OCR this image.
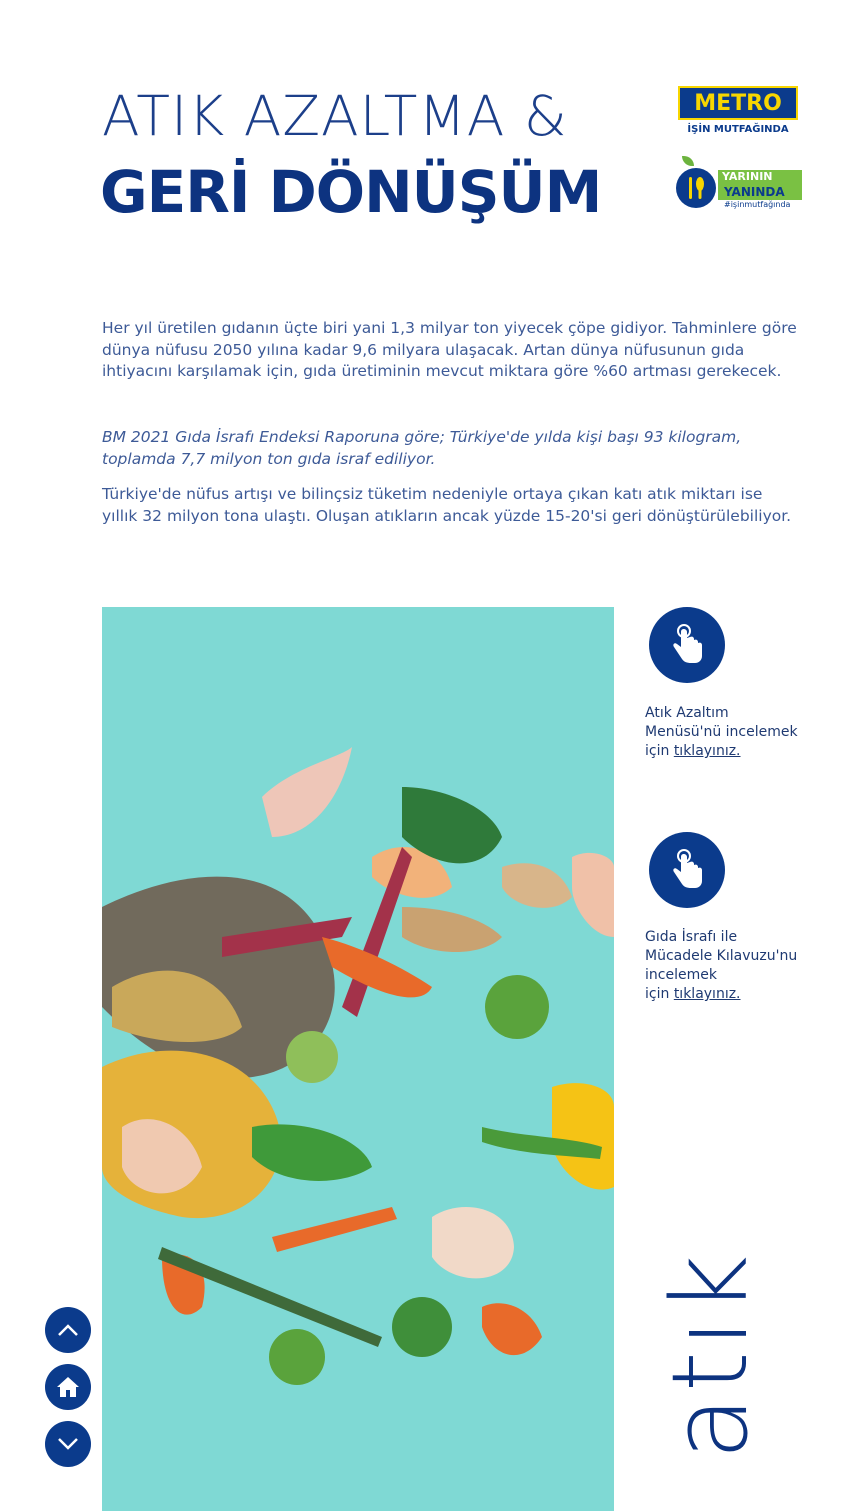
ATIK AZALTMA &
GERİ DÖNÜŞÜM
METRO
İŞİN MUTFAĞINDA
YARININ
YANINDA
#işinmutfağında

Her yıl üretilen gıdanın üçte biri yani 1,3 milyar ton yiyecek çöpe gidiyor. Tahminlere göre dünya nüfusu 2050 yılına kadar 9,6 milyara ulaşacak. Artan dünya nüfusunun gıda ihtiyacını karşılamak için, gıda üretiminin mevcut miktara göre %60 artması gerekecek.

BM 2021 Gıda İsrafı Endeksi Raporuna göre; Türkiye'de yılda kişi başı 93 kilogram, toplamda 7,7 milyon ton gıda israf ediliyor.

Türkiye'de nüfus artışı ve bilinçsiz tüketim nedeniyle ortaya çıkan katı atık miktarı ise yıllık 32 milyon tona ulaştı. Oluşan atıkların ancak yüzde 15-20'si geri dönüştürülebiliyor.

Atık Azaltım
Menüsü'nü incelemek
için tıklayınız.

Gıda İsrafı ile
Mücadele Kılavuzu'nu
incelemek
için tıklayınız.

atık
